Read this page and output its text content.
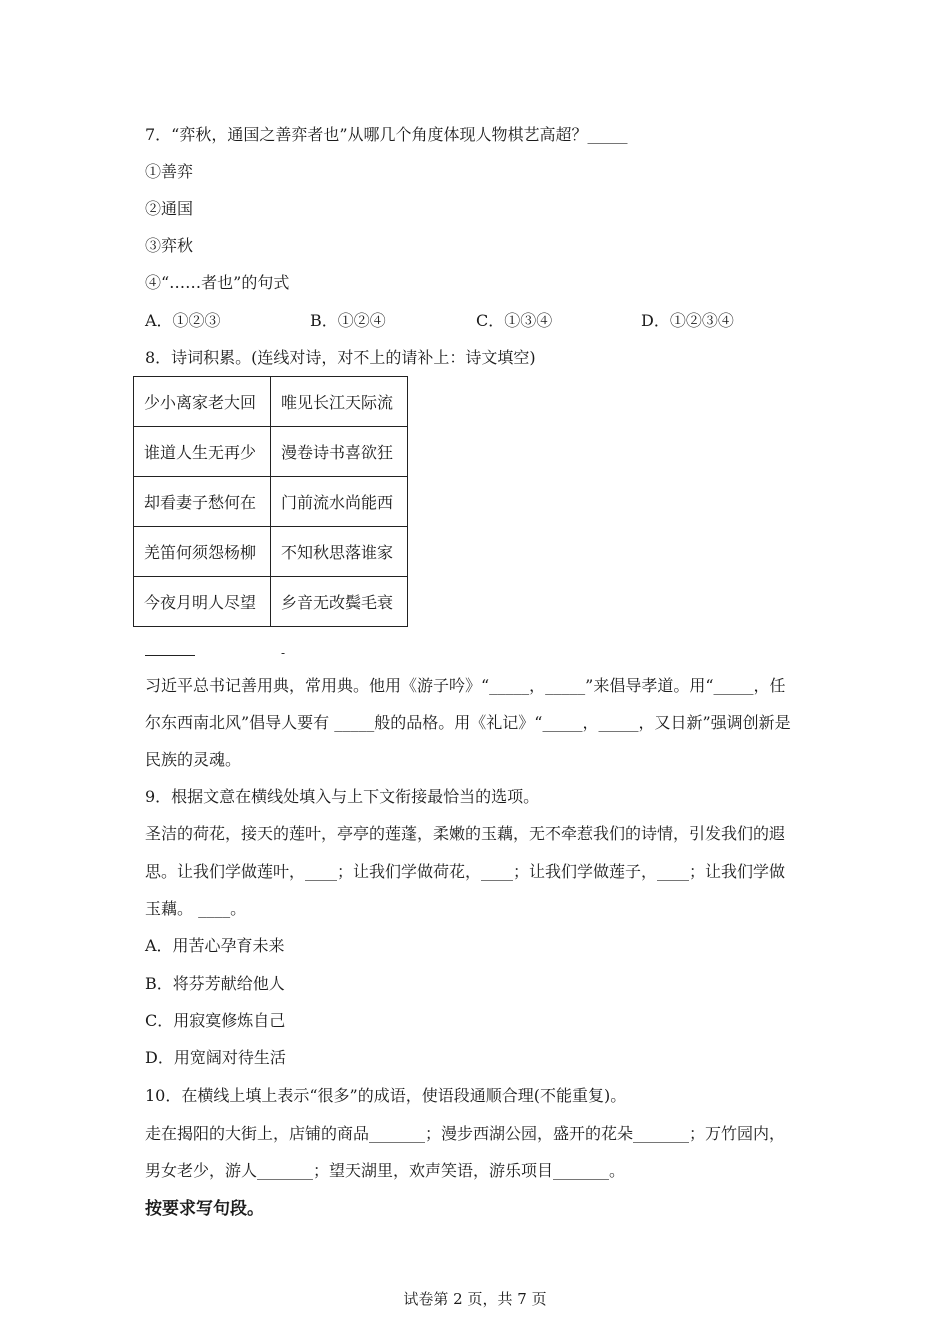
7．“弈秋，通国之善弈者也”从哪几个角度体现人物棋艺高超？_____
①善弈
②通国
③弈秋
④“……者也”的句式
A．①②③	B．①②④	C．①③④	D．①②③④
8．诗词积累。(连线对诗，对不上的请补上：诗文填空)
少小离家老大回	唯见长江天际流
谁道人生无再少	漫卷诗书喜欲狂
却看妻子愁何在	门前流水尚能西
羌笛何须怨杨柳	不知秋思落谁家
今夜月明人尽望	乡音无改鬓毛衰
-
习近平总书记善用典，常用典。他用《游子吟》“_____，_____”来倡导孝道。用“_____，任
尔东西南北风”倡导人要有 _____般的品格。用《礼记》“_____，_____，又日新”强调创新是
民族的灵魂。
9．根据文意在横线处填入与上下文衔接最恰当的选项。
圣洁的荷花，接天的莲叶，亭亭的莲蓬，柔嫩的玉藕，无不牵惹我们的诗情，引发我们的遐
思。让我们学做莲叶，____；让我们学做荷花，____；让我们学做莲子，____；让我们学做
玉藕。 ____。
A．用苦心孕育未来
B．将芬芳献给他人
C．用寂寞修炼自己
D．用宽阔对待生活
10．在横线上填上表示“很多”的成语，使语段通顺合理(不能重复)。
走在揭阳的大街上，店铺的商品_______；漫步西湖公园，盛开的花朵_______；万竹园内，
男女老少，游人_______；望天湖里，欢声笑语，游乐项目_______。
按要求写句段。
试卷第 2 页，共 7 页
